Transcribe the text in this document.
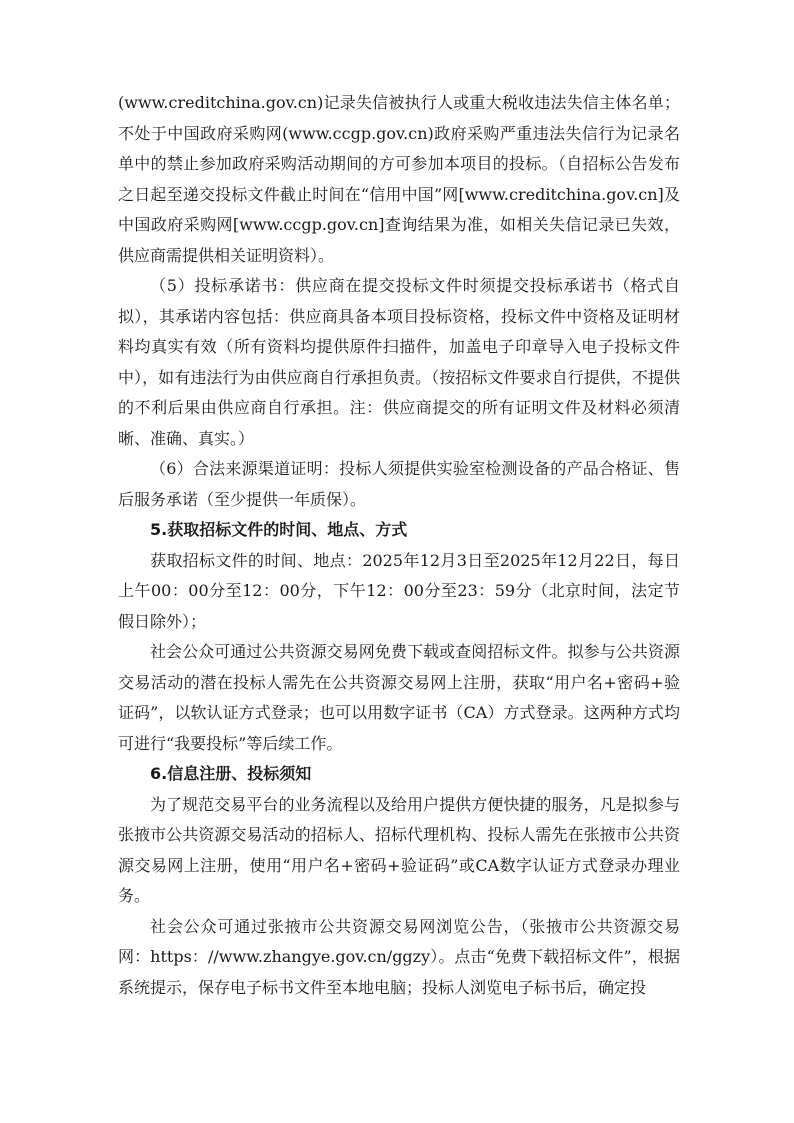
(www.creditchina.gov.cn)记录失信被执行人或重大税收违法失信主体名单；不处于中国政府采购网(www.ccgp.gov.cn)政府采购严重违法失信行为记录名单中的禁止参加政府采购活动期间的方可参加本项目的投标。（自招标公告发布之日起至递交投标文件截止时间在“信用中国”网[www.creditchina.gov.cn]及中国政府采购网[www.ccgp.gov.cn]查询结果为准，如相关失信记录已失效，供应商需提供相关证明资料）。

（5）投标承诺书：供应商在提交投标文件时须提交投标承诺书（格式自拟），其承诺内容包括：供应商具备本项目投标资格，投标文件中资格及证明材料均真实有效（所有资料均提供原件扫描件，加盖电子印章导入电子投标文件中），如有违法行为由供应商自行承担负责。（按招标文件要求自行提供，不提供的不利后果由供应商自行承担。注：供应商提交的所有证明文件及材料必须清晰、准确、真实。）

（6）合法来源渠道证明：投标人须提供实验室检测设备的产品合格证、售后服务承诺（至少提供一年质保）。

5.获取招标文件的时间、地点、方式

获取招标文件的时间、地点：2025年12月3日至2025年12月22日，每日上午00：00分至12：00分，下午12：00分至23：59分（北京时间，法定节假日除外）；

社会公众可通过公共资源交易网免费下载或查阅招标文件。拟参与公共资源交易活动的潜在投标人需先在公共资源交易网上注册，获取“用户名+密码+验证码”，以软认证方式登录；也可以用数字证书（CA）方式登录。这两种方式均可进行“我要投标”等后续工作。

6.信息注册、投标须知

为了规范交易平台的业务流程以及给用户提供方便快捷的服务，凡是拟参与张掖市公共资源交易活动的招标人、招标代理机构、投标人需先在张掖市公共资源交易网上注册，使用“用户名+密码+验证码”或CA数字认证方式登录办理业务。

社会公众可通过张掖市公共资源交易网浏览公告，（张掖市公共资源交易网：https：//www.zhangye.gov.cn/ggzy）。点击“免费下载招标文件”，根据系统提示，保存电子标书文件至本地电脑；投标人浏览电子标书后，确定投
